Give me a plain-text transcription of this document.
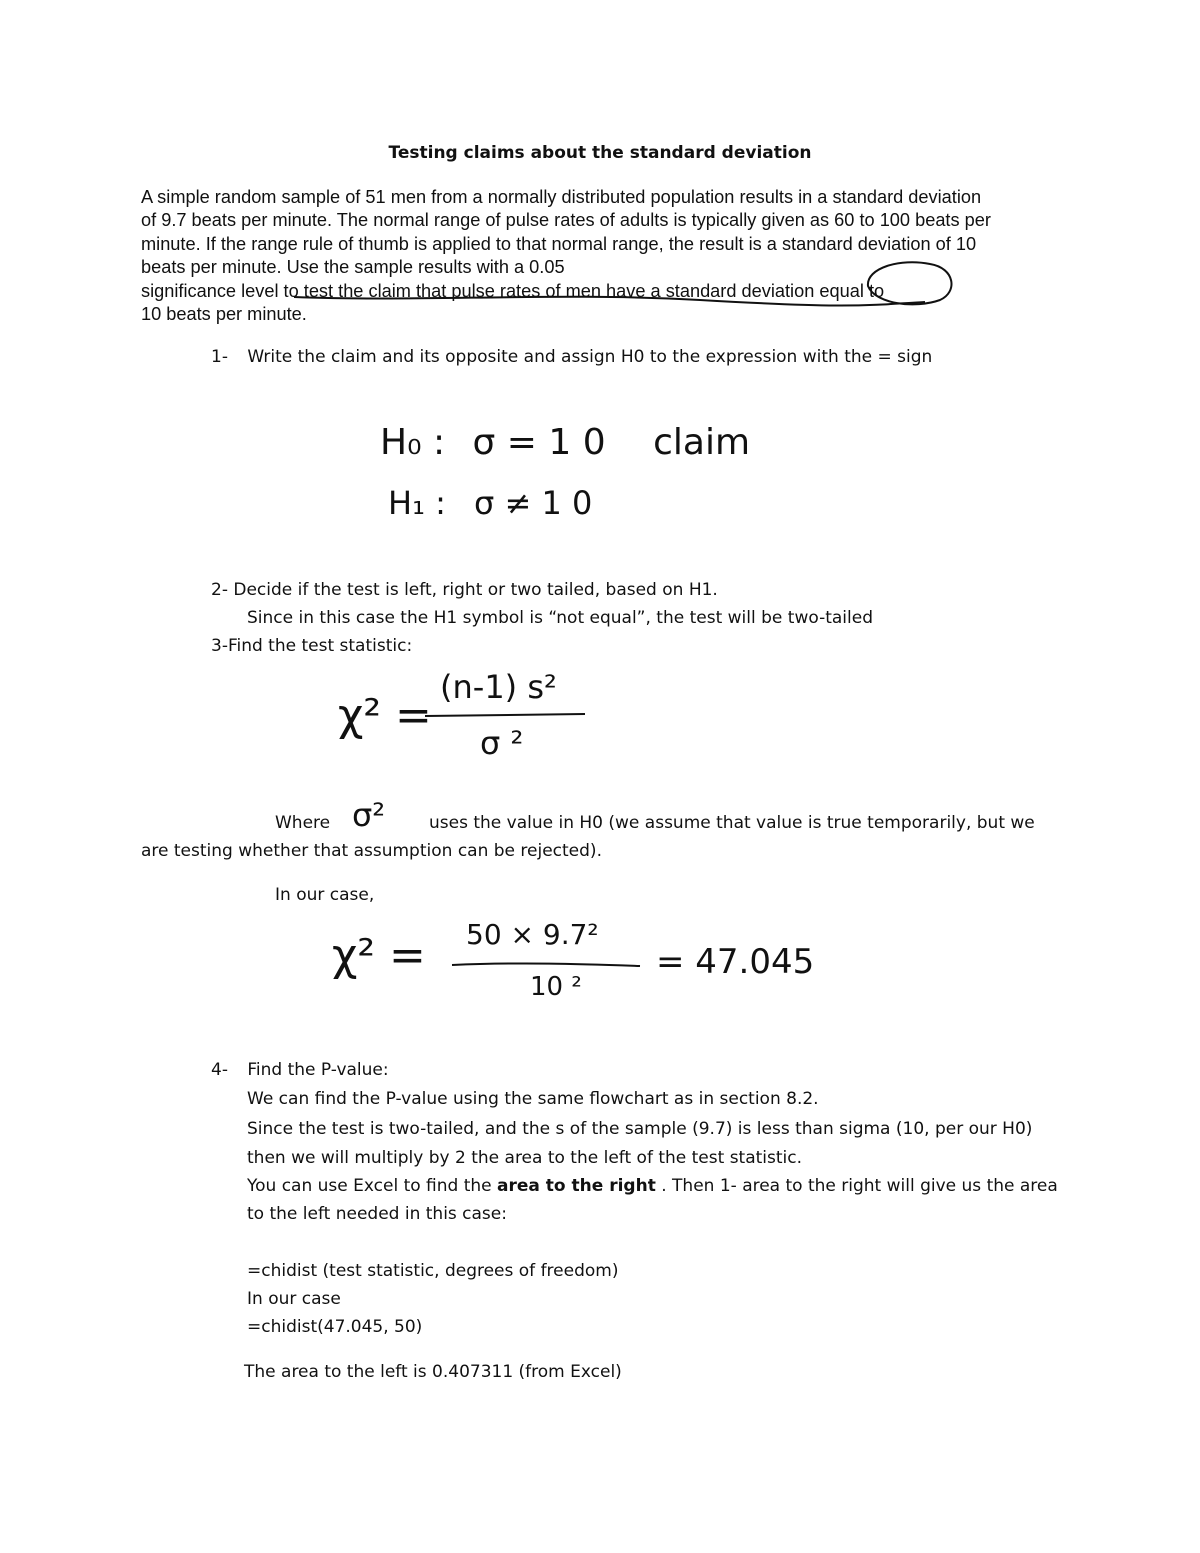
Testing claims about the standard deviation
A simple random sample of 51 men from a normally distributed population results in a standard deviation
of 9.7 beats per minute. The normal range of pulse rates of adults is typically given as 60 to 100 beats per
minute. If the range rule of thumb is applied to that normal range, the result is a standard deviation of 10
beats per minute. Use the sample results with a 0.05
significance level to test the claim that pulse rates of men have a standard deviation equal to
10 beats per minute.
1- Write the claim and its opposite and assign H0 to the expression with the = sign
H₀ : σ = 1 0 claim
H₁ : σ ≠ 1 0
2- Decide if the test is left, right or two tailed, based on H1.
Since in this case the H1 symbol is “not equal”, the test will be two-tailed
3-Find the test statistic:
χ² =
(n-1) s²
σ ²
Where σ²	uses the value in H0 (we assume that value is true temporarily, but we
are testing whether that assumption can be rejected).
In our case,
χ² = 50 × 9.7²
10 ²
= 47.045
4- Find the P-value:
We can find the P-value using the same flowchart as in section 8.2.
Since the test is two-tailed, and the s of the sample (9.7) is less than sigma (10, per our H0)
then we will multiply by 2 the area to the left of the test statistic.
You can use Excel to find the area to the right . Then 1- area to the right will give us the area
to the left needed in this case:
=chidist (test statistic, degrees of freedom)
In our case
=chidist(47.045, 50)
The area to the left is 0.407311 (from Excel)
